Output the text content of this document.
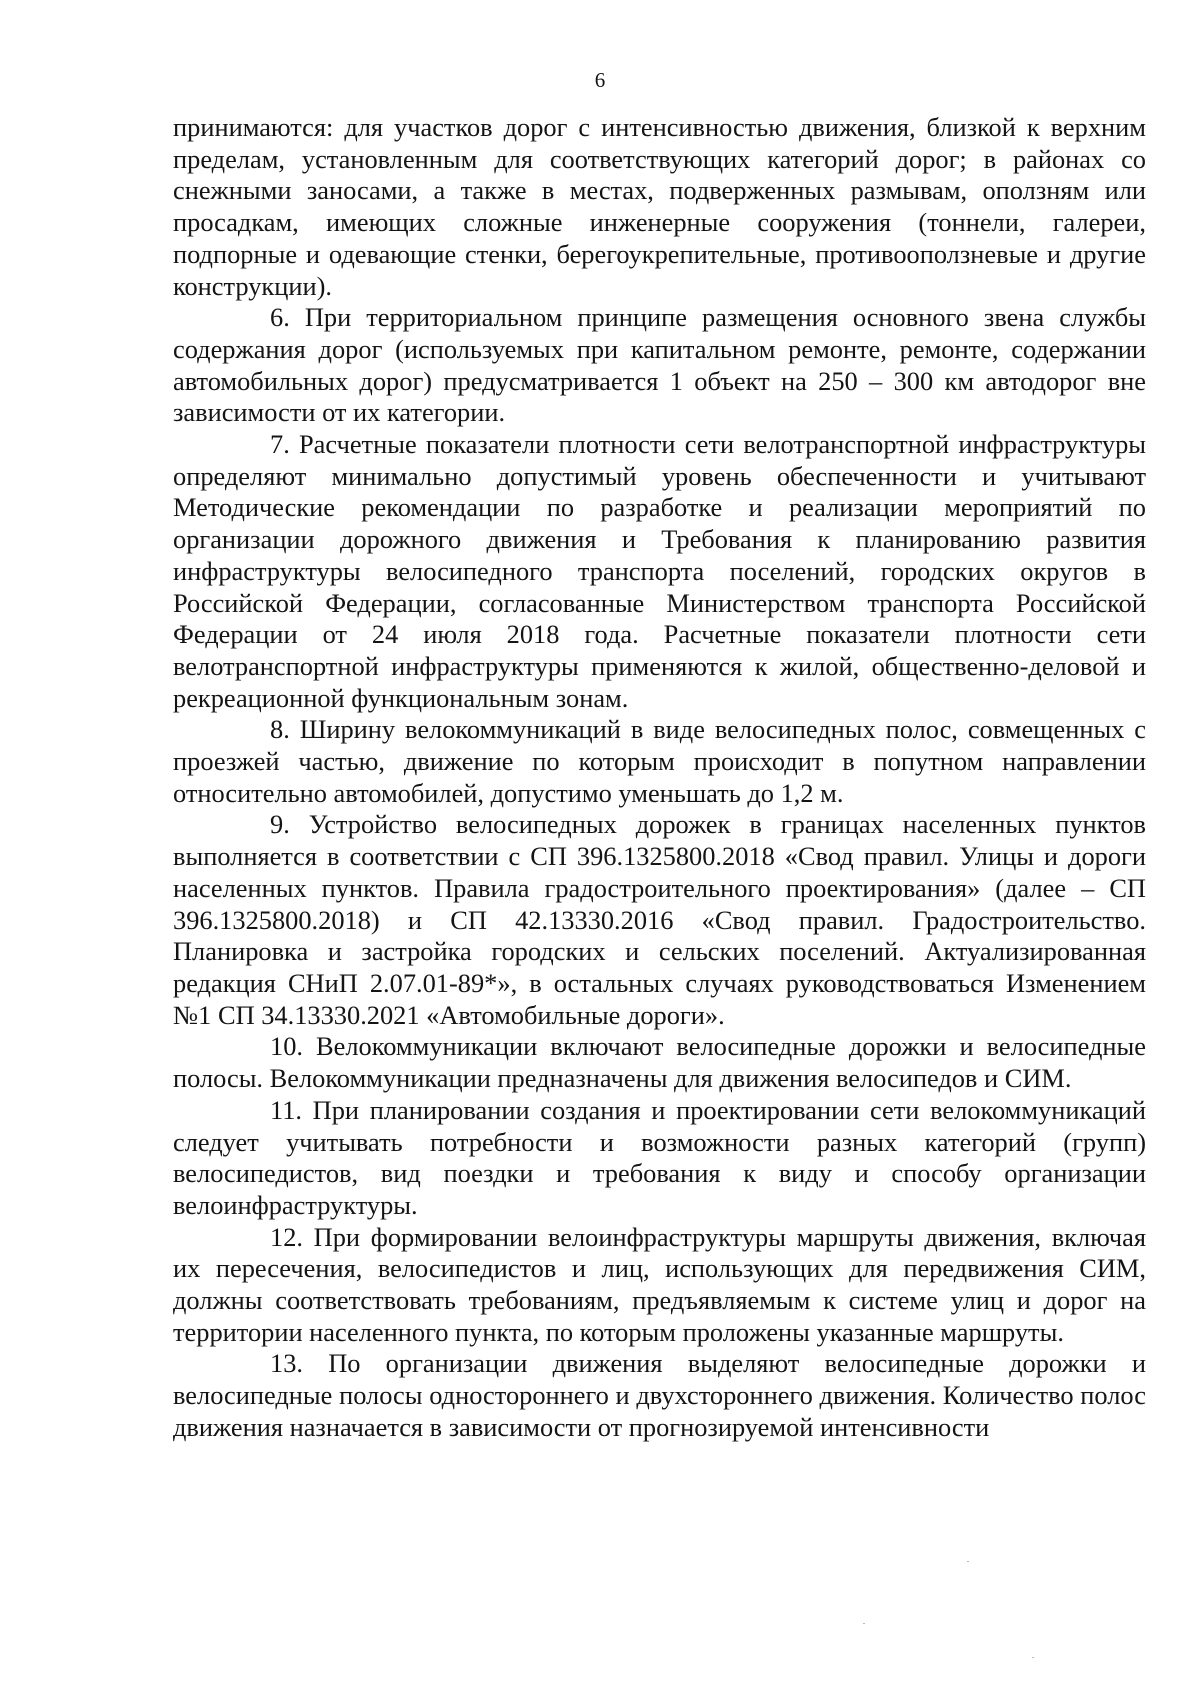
6

принимаются: для участков дорог с интенсивностью движения, близкой к верхним пределам, установленным для соответствующих категорий дорог; в районах со снежными заносами, а также в местах, подверженных размывам, оползням или просадкам, имеющих сложные инженерные сооружения (тоннели, галереи, подпорные и одевающие стенки, берегоукрепительные, противооползневые и другие конструкции).

6. При территориальном принципе размещения основного звена службы содержания дорог (используемых при капитальном ремонте, ремонте, содержании автомобильных дорог) предусматривается 1 объект на 250 – 300 км автодорог вне зависимости от их категории.

7. Расчетные показатели плотности сети велотранспортной инфраструктуры определяют минимально допустимый уровень обеспеченности и учитывают Методические рекомендации по разработке и реализации мероприятий по организации дорожного движения и Требования к планированию развития инфраструктуры велосипедного транспорта поселений, городских округов в Российской Федерации, согласованные Министерством транспорта Российской Федерации от 24 июля 2018 года. Расчетные показатели плотности сети велотранспортной инфраструктуры применяются к жилой, общественно-деловой и рекреационной функциональным зонам.

8. Ширину велокоммуникаций в виде велосипедных полос, совмещенных с проезжей частью, движение по которым происходит в попутном направлении относительно автомобилей, допустимо уменьшать до 1,2 м.

9. Устройство велосипедных дорожек в границах населенных пунктов выполняется в соответствии с СП 396.1325800.2018 «Свод правил. Улицы и дороги населенных пунктов. Правила градостроительного проектирования» (далее – СП 396.1325800.2018) и СП 42.13330.2016 «Свод правил. Градостроительство. Планировка и застройка городских и сельских поселений. Актуализированная редакция СНиП 2.07.01-89*», в остальных случаях руководствоваться Изменением №1 СП 34.13330.2021 «Автомобильные дороги».

10. Велокоммуникации включают велосипедные дорожки и велосипедные полосы. Велокоммуникации предназначены для движения велосипедов и СИМ.

11. При планировании создания и проектировании сети велокоммуникаций следует учитывать потребности и возможности разных категорий (групп) велосипедистов, вид поездки и требования к виду и способу организации велоинфраструктуры.

12. При формировании велоинфраструктуры маршруты движения, включая их пересечения, велосипедистов и лиц, использующих для передвижения СИМ, должны соответствовать требованиям, предъявляемым к системе улиц и дорог на территории населенного пункта, по которым проложены указанные маршруты.

13. По организации движения выделяют велосипедные дорожки и велосипедные полосы одностороннего и двухстороннего движения. Количество полос движения назначается в зависимости от прогнозируемой интенсивности
